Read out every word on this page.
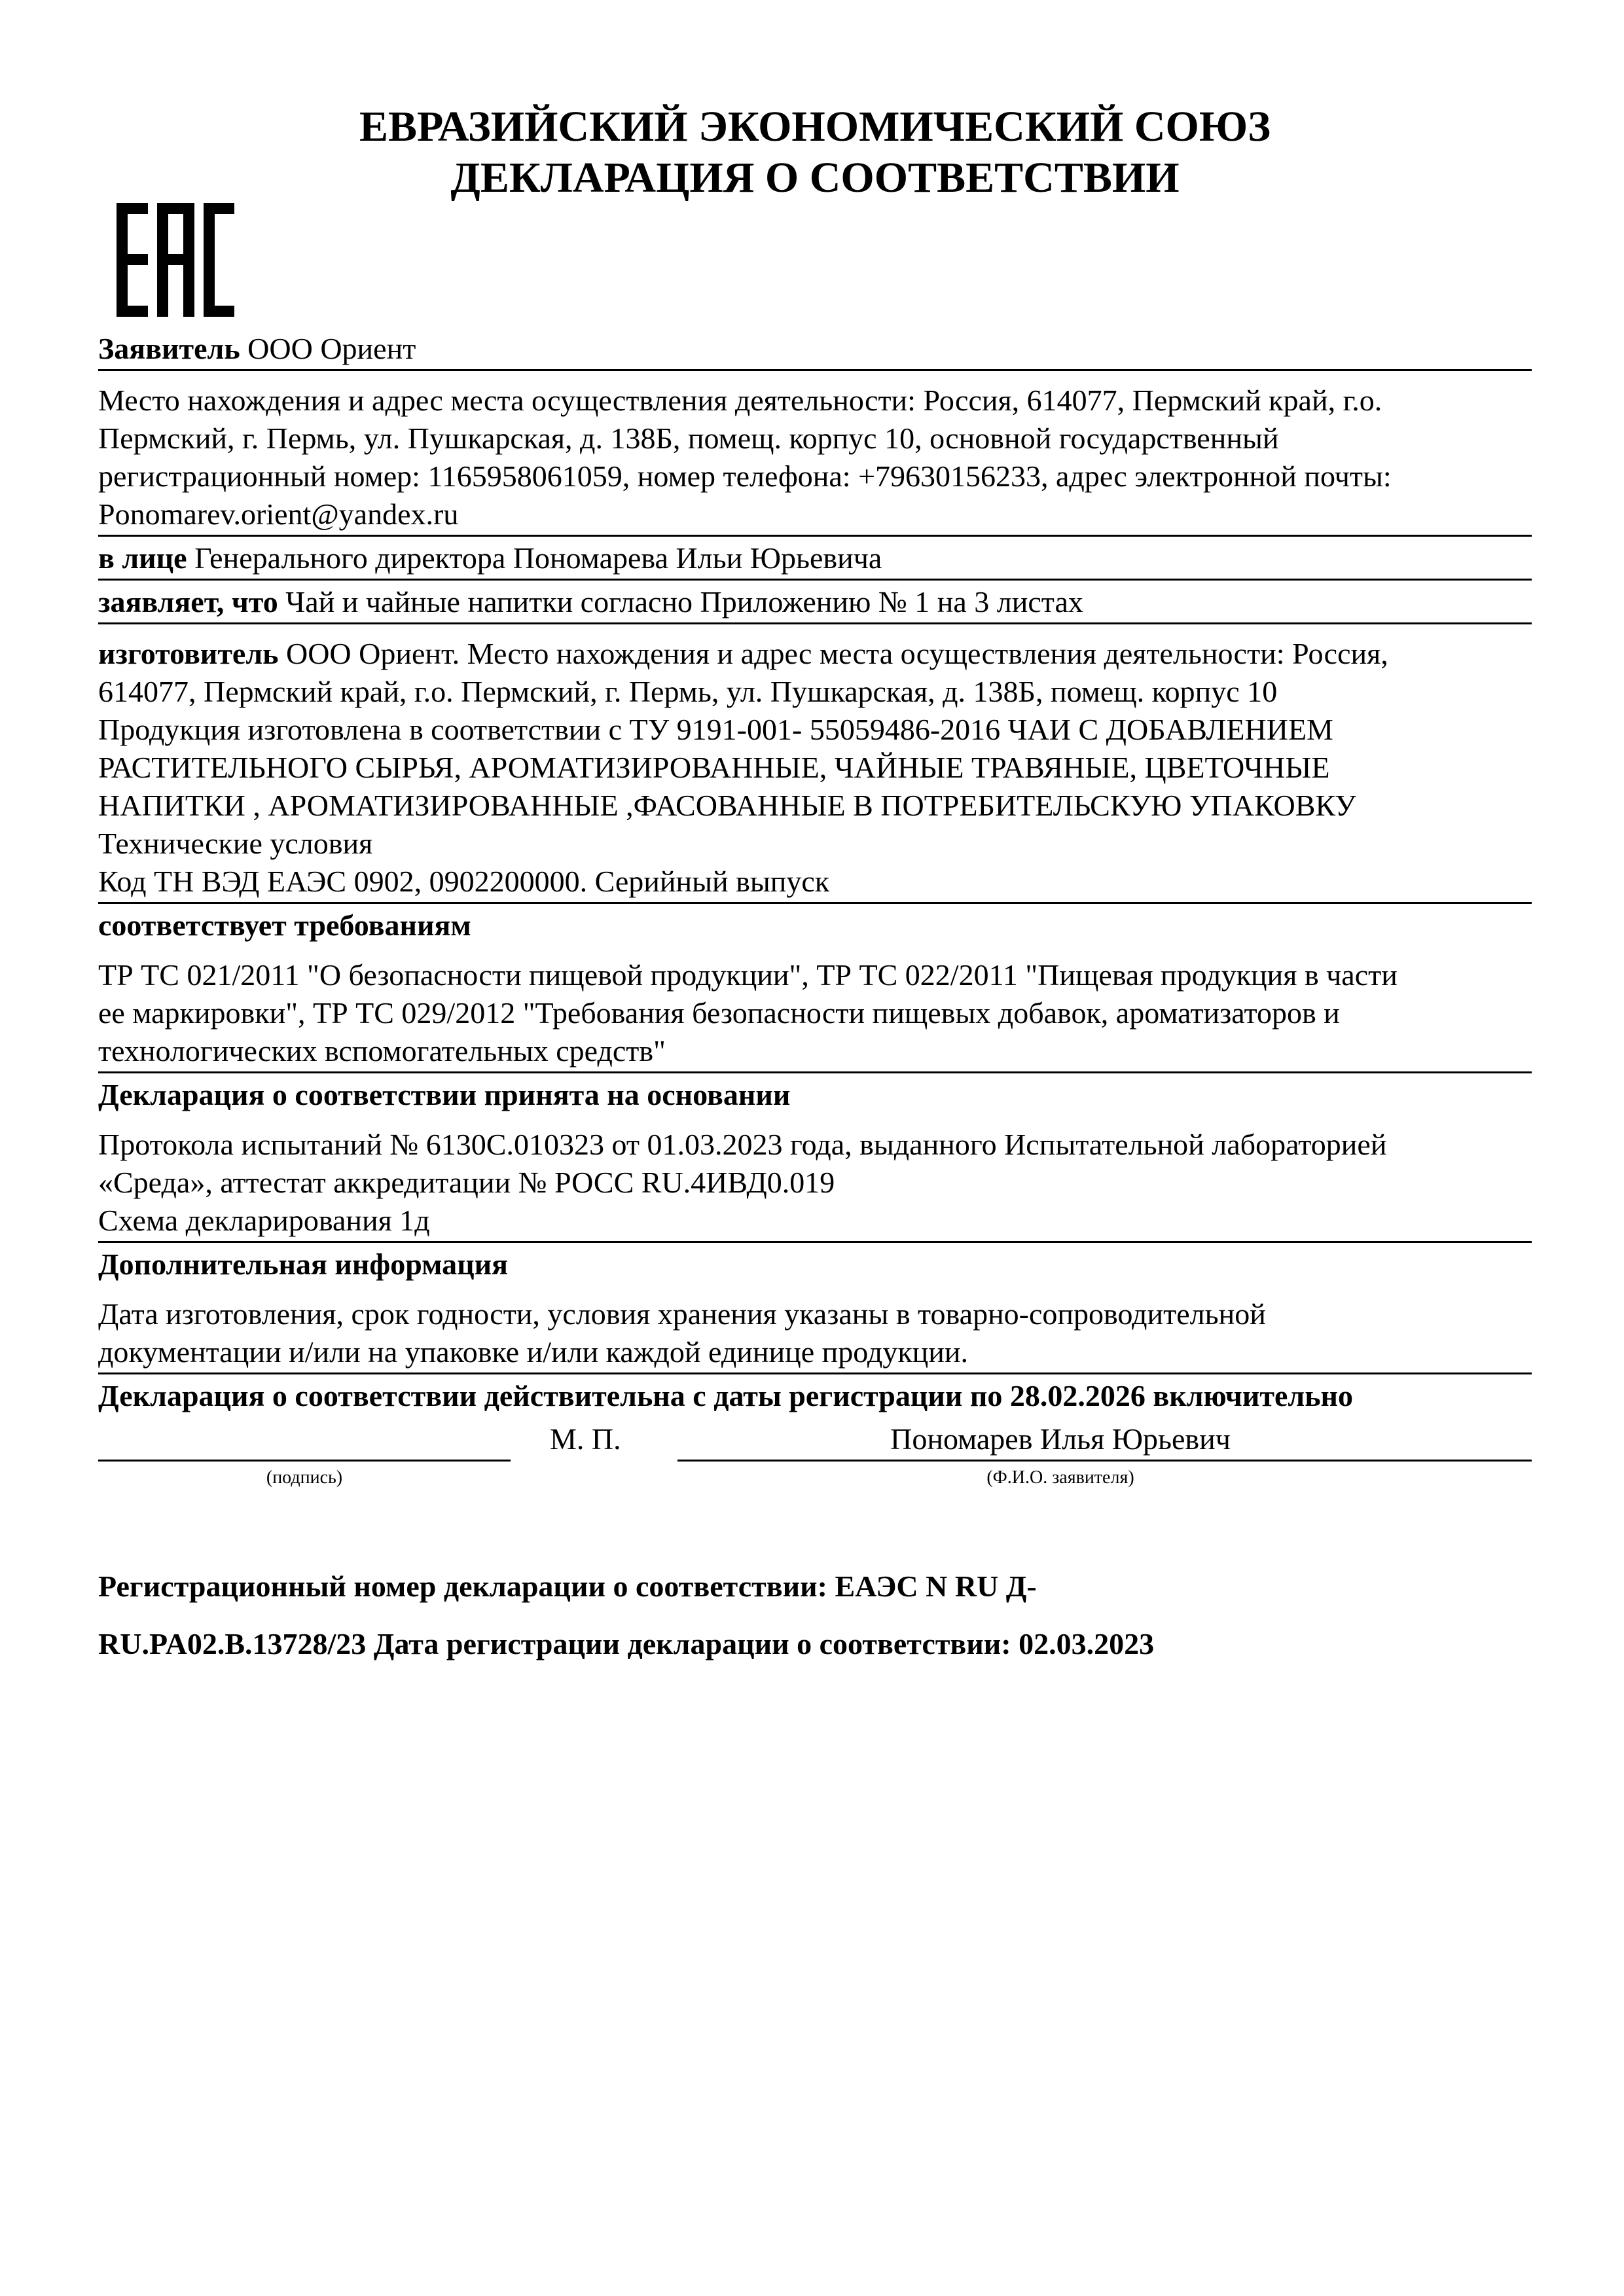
ЕВРАЗИЙСКИЙ ЭКОНОМИЧЕСКИЙ СОЮЗ
ДЕКЛАРАЦИЯ О СООТВЕТСТВИИ
Заявитель ООО Ориент
Место нахождения и адрес места осуществления деятельности: Россия, 614077, Пермский край, г.о.
Пермский, г. Пермь, ул. Пушкарская, д. 138Б, помещ. корпус 10, основной государственный
регистрационный номер: 1165958061059, номер телефона: +79630156233, адрес электронной почты:
Ponomarev.orient@yandex.ru
в лице Генерального директора Пономарева Ильи Юрьевича
заявляет, что Чай и чайные напитки согласно Приложению № 1 на 3 листах
изготовитель ООО Ориент. Место нахождения и адрес места осуществления деятельности: Россия,
614077, Пермский край, г.о. Пермский, г. Пермь, ул. Пушкарская, д. 138Б, помещ. корпус 10
Продукция изготовлена в соответствии с ТУ 9191-001- 55059486-2016 ЧАИ С ДОБАВЛЕНИЕМ
РАСТИТЕЛЬНОГО СЫРЬЯ, АРОМАТИЗИРОВАННЫЕ, ЧАЙНЫЕ ТРАВЯНЫЕ, ЦВЕТОЧНЫЕ
НАПИТКИ , АРОМАТИЗИРОВАННЫЕ ,ФАСОВАННЫЕ В ПОТРЕБИТЕЛЬСКУЮ УПАКОВКУ
Технические условия
Код ТН ВЭД ЕАЭС 0902, 0902200000. Серийный выпуск
соответствует требованиям
ТР ТС 021/2011 "О безопасности пищевой продукции", ТР ТС 022/2011 "Пищевая продукция в части
ее маркировки", ТР ТС 029/2012 "Требования безопасности пищевых добавок, ароматизаторов и
технологических вспомогательных средств"
Декларация о соответствии принята на основании
Протокола испытаний № 6130С.010323 от 01.03.2023 года, выданного Испытательной лабораторией
«Среда», аттестат аккредитации № РОСС RU.4ИВД0.019
Схема декларирования 1д
Дополнительная информация
Дата изготовления, срок годности, условия хранения указаны в товарно-сопроводительной
документации и/или на упаковке и/или каждой единице продукции.
Декларация о соответствии действительна с даты регистрации по 28.02.2026 включительно
М. П.	Пономарев Илья Юрьевич
(подпись)	(Ф.И.О. заявителя)
Регистрационный номер декларации о соответствии: ЕАЭС N RU Д-
RU.PA02.B.13728/23 Дата регистрации декларации о соответствии: 02.03.2023
